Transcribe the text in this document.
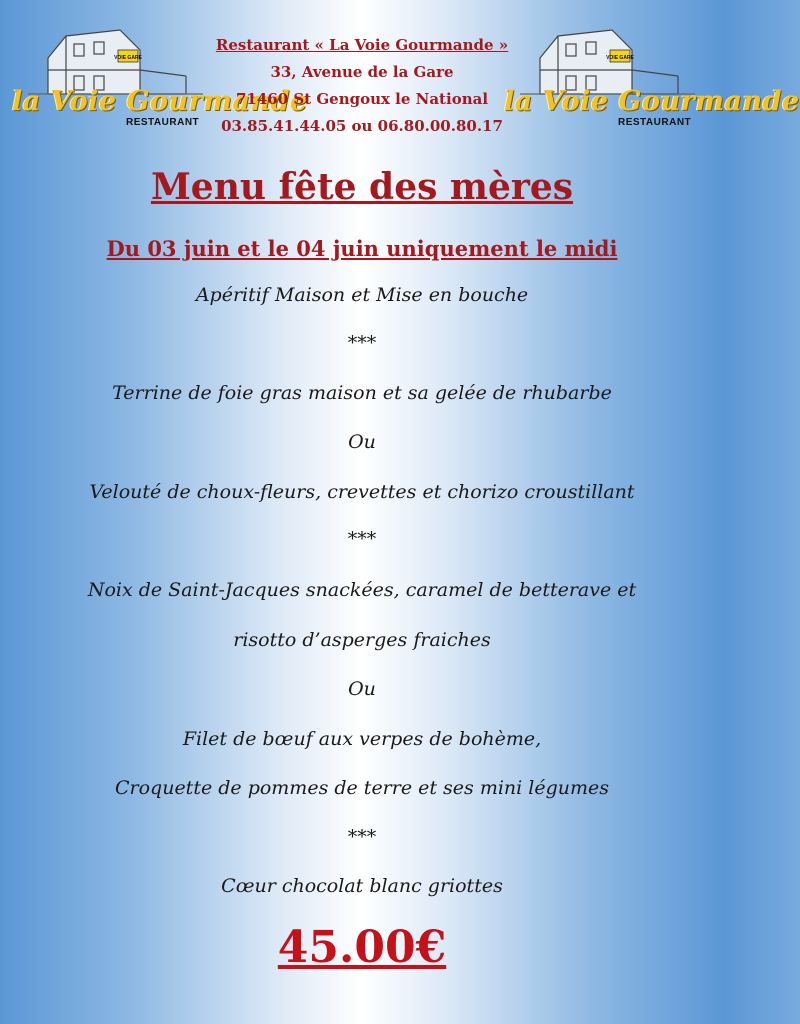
VOIE GARE
la Voie Gourmande
RESTAURANT
VOIE GARE
la Voie Gourmande
RESTAURANT
Restaurant « La Voie Gourmande »
33, Avenue de la Gare
71460 St Gengoux le National
03.85.41.44.05 ou 06.80.00.80.17
Menu fête des mères
Du 03 juin et le 04 juin uniquement le midi
Apéritif Maison et Mise en bouche
***
Terrine de foie gras maison et sa gelée de rhubarbe
Ou
Velouté de choux-fleurs, crevettes et chorizo croustillant
***
Noix de Saint-Jacques snackées, caramel de betterave et
risotto d’asperges fraiches
Ou
Filet de bœuf aux verpes de bohème,
Croquette de pommes de terre et ses mini légumes
***
Cœur chocolat blanc griottes
45.00€
